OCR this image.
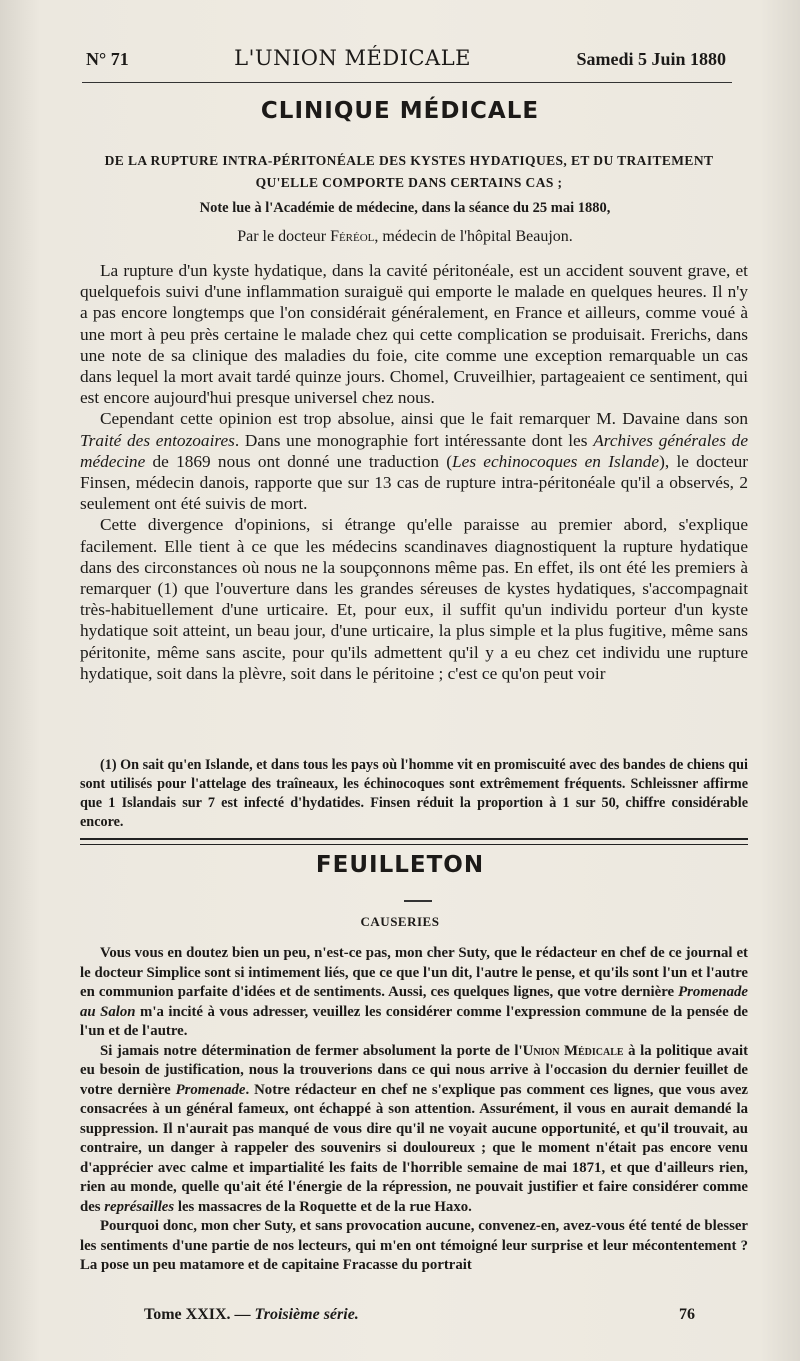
N° 71	L'UNION MÉDICALE	Samedi 5 Juin 1880
CLINIQUE MÉDICALE
DE LA RUPTURE INTRA-PÉRITONÉALE DES KYSTES HYDATIQUES, ET DU TRAITEMENT
QU'ELLE COMPORTE DANS CERTAINS CAS ;
Note lue à l'Académie de médecine, dans la séance du 25 mai 1880,
Par le docteur Féréol, médecin de l'hôpital Beaujon.

La rupture d'un kyste hydatique, dans la cavité péritonéale, est un accident souvent grave, et quelquefois suivi d'une inflammation suraiguë qui emporte le malade en quelques heures. Il n'y a pas encore longtemps que l'on considérait généralement, en France et ailleurs, comme voué à une mort à peu près certaine le malade chez qui cette complication se produisait. Frerichs, dans une note de sa clinique des maladies du foie, cite comme une exception remarquable un cas dans lequel la mort avait tardé quinze jours. Chomel, Cruveilhier, partageaient ce sentiment, qui est encore aujourd'hui presque universel chez nous.

Cependant cette opinion est trop absolue, ainsi que le fait remarquer M. Davaine dans son Traité des entozoaires. Dans une monographie fort intéressante dont les Archives générales de médecine de 1869 nous ont donné une traduction (Les echinocoques en Islande), le docteur Finsen, médecin danois, rapporte que sur 13 cas de rupture intra-péritonéale qu'il a observés, 2 seulement ont été suivis de mort.

Cette divergence d'opinions, si étrange qu'elle paraisse au premier abord, s'explique facilement. Elle tient à ce que les médecins scandinaves diagnostiquent la rupture hydatique dans des circonstances où nous ne la soupçonnons même pas. En effet, ils ont été les premiers à remarquer (1) que l'ouverture dans les grandes séreuses de kystes hydatiques, s'accompagnait très-habituellement d'une urticaire. Et, pour eux, il suffit qu'un individu porteur d'un kyste hydatique soit atteint, un beau jour, d'une urticaire, la plus simple et la plus fugitive, même sans péritonite, même sans ascite, pour qu'ils admettent qu'il y a eu chez cet individu une rupture hydatique, soit dans la plèvre, soit dans le péritoine ; c'est ce qu'on peut voir

(1) On sait qu'en Islande, et dans tous les pays où l'homme vit en promiscuité avec des bandes de chiens qui sont utilisés pour l'attelage des traîneaux, les échinocoques sont extrêmement fréquents. Schleissner affirme que 1 Islandais sur 7 est infecté d'hydatides. Finsen réduit la proportion à 1 sur 50, chiffre considérable encore.

FEUILLETON
CAUSERIES

Vous vous en doutez bien un peu, n'est-ce pas, mon cher Suty, que le rédacteur en chef de ce journal et le docteur Simplice sont si intimement liés, que ce que l'un dit, l'autre le pense, et qu'ils sont l'un et l'autre en communion parfaite d'idées et de sentiments. Aussi, ces quelques lignes, que votre dernière Promenade au Salon m'a incité à vous adresser, veuillez les considérer comme l'expression commune de la pensée de l'un et de l'autre.

Si jamais notre détermination de fermer absolument la porte de l'Union Médicale à la politique avait eu besoin de justification, nous la trouverions dans ce qui nous arrive à l'occasion du dernier feuillet de votre dernière Promenade. Notre rédacteur en chef ne s'explique pas comment ces lignes, que vous avez consacrées à un général fameux, ont échappé à son attention. Assurément, il vous en aurait demandé la suppression. Il n'aurait pas manqué de vous dire qu'il ne voyait aucune opportunité, et qu'il trouvait, au contraire, un danger à rappeler des souvenirs si douloureux ; que le moment n'était pas encore venu d'apprécier avec calme et impartialité les faits de l'horrible semaine de mai 1871, et que d'ailleurs rien, rien au monde, quelle qu'ait été l'énergie de la répression, ne pouvait justifier et faire considérer comme des représailles les massacres de la Roquette et de la rue Haxo.

Pourquoi donc, mon cher Suty, et sans provocation aucune, convenez-en, avez-vous été tenté de blesser les sentiments d'une partie de nos lecteurs, qui m'en ont témoigné leur surprise et leur mécontentement ? La pose un peu matamore et de capitaine Fracasse du portrait

Tome XXIX. — Troisième série.	76
